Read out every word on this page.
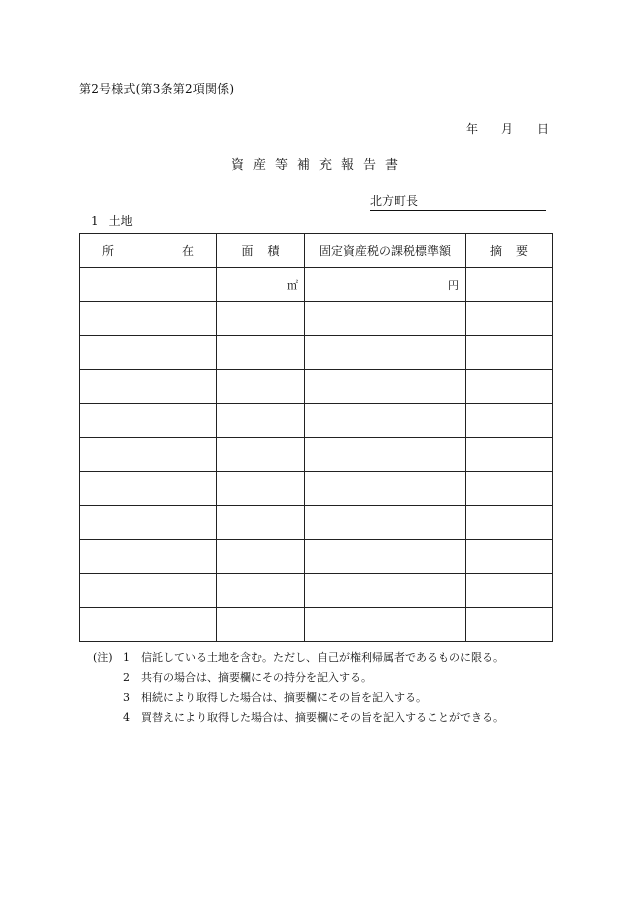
第2号様式(第3条第2項関係)
年 月 日
資産等補充報告書
北方町長
1 土地
所 在	面積	固定資産税の課税標準額	摘要
	㎡	円	

(注) 1	信託している土地を含む。ただし、自己が権利帰属者であるものに限る。
2	共有の場合は、摘要欄にその持分を記入する。
3	相続により取得した場合は、摘要欄にその旨を記入する。
4	買替えにより取得した場合は、摘要欄にその旨を記入することができる。
